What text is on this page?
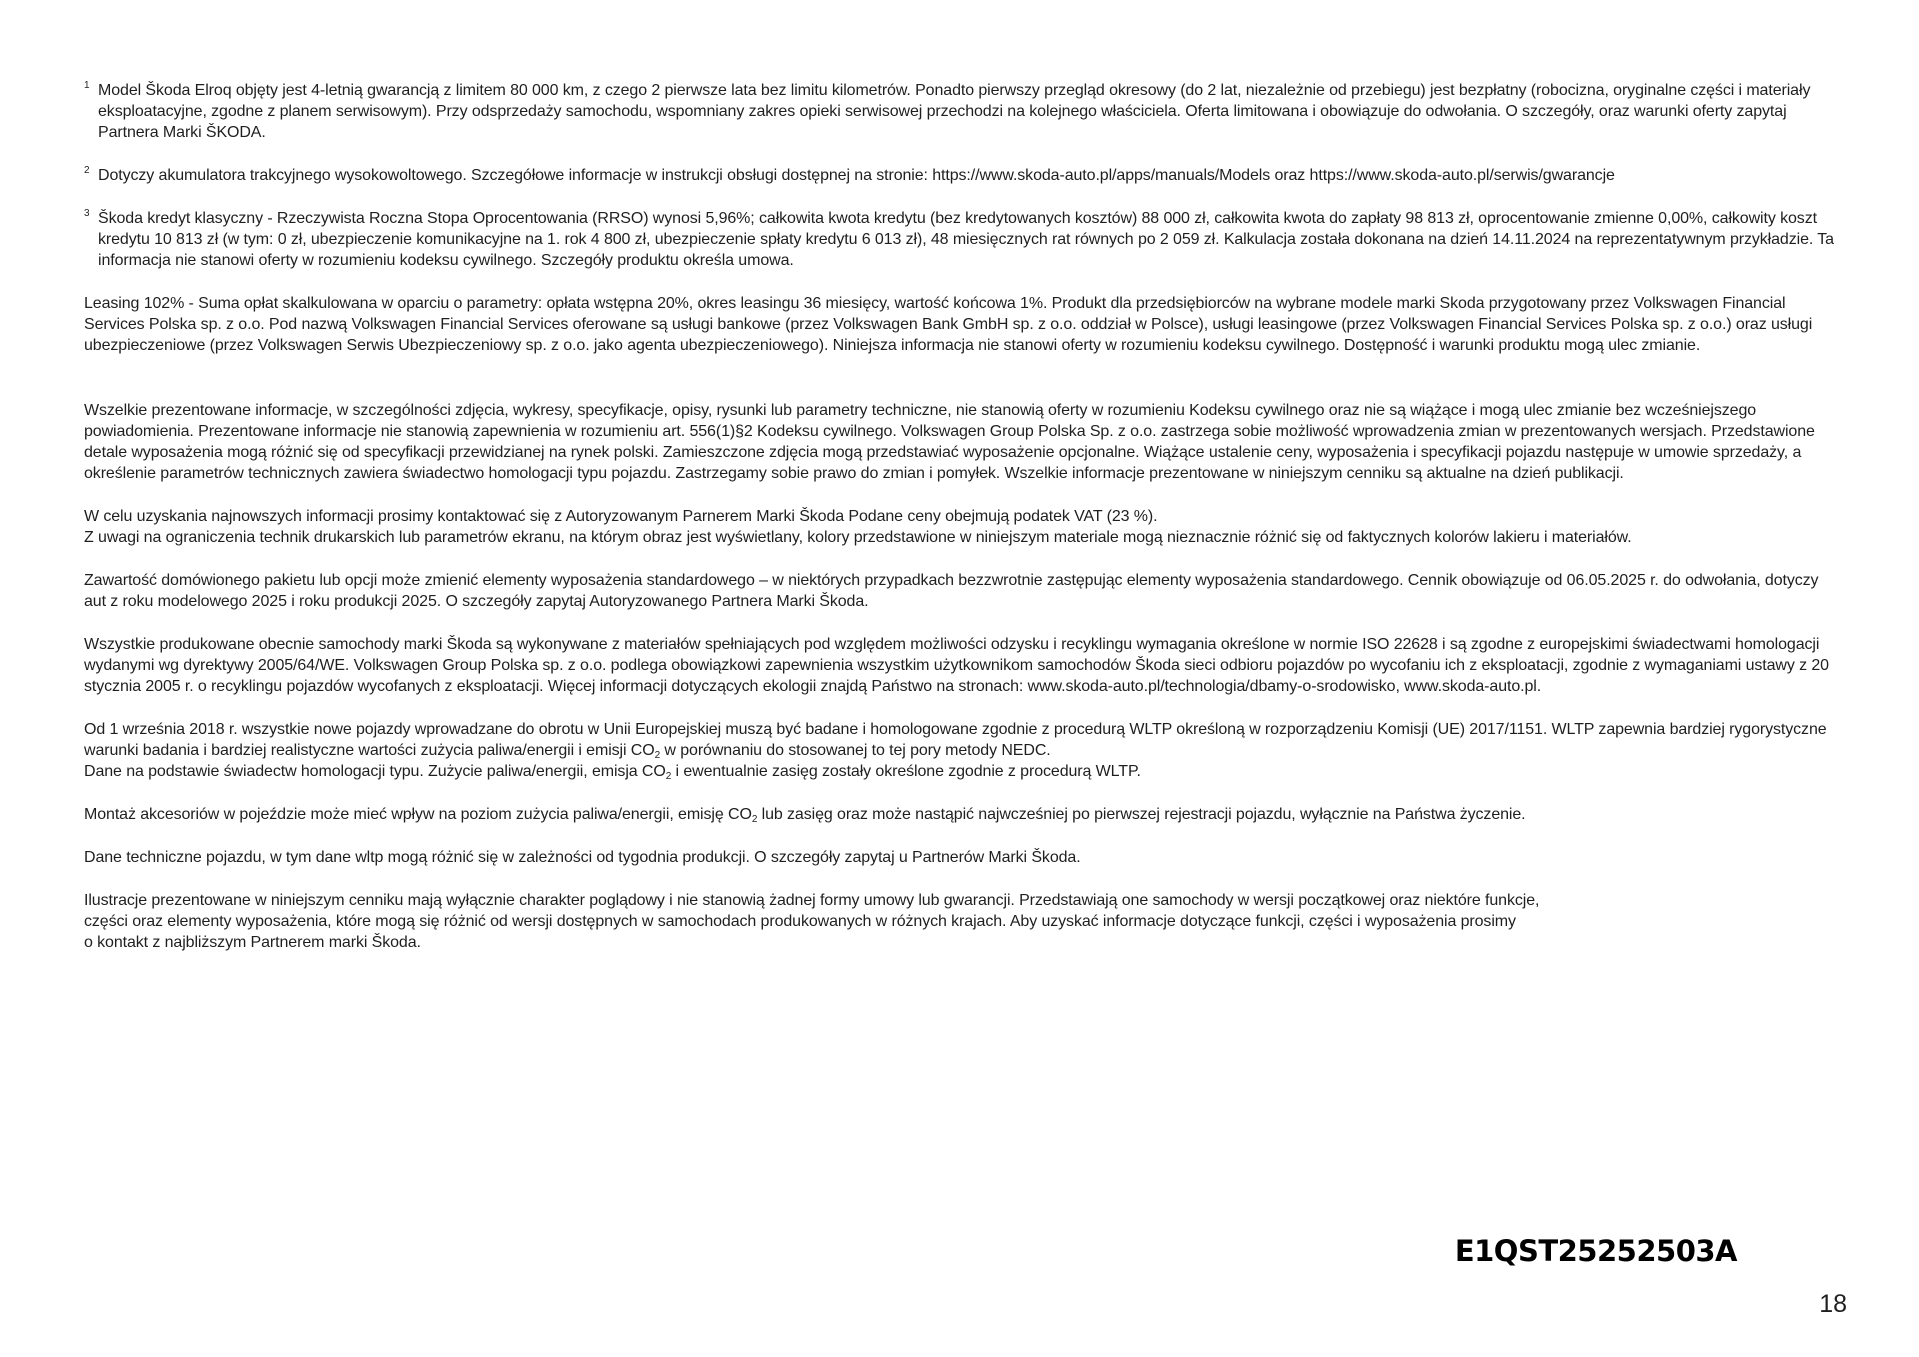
1 Model Škoda Elroq objęty jest 4-letnią gwarancją z limitem 80 000 km, z czego 2 pierwsze lata bez limitu kilometrów. Ponadto pierwszy przegląd okresowy (do 2 lat, niezależnie od przebiegu) jest bezpłatny (robocizna, oryginalne części i materiały eksploatacyjne, zgodne z planem serwisowym). Przy odsprzedaży samochodu, wspomniany zakres opieki serwisowej przechodzi na kolejnego właściciela. Oferta limitowana i obowiązuje do odwołania. O szczegóły, oraz warunki oferty zapytaj Partnera Marki ŠKODA.
2 Dotyczy akumulatora trakcyjnego wysokowoltowego. Szczegółowe informacje w instrukcji obsługi dostępnej na stronie: https://www.skoda-auto.pl/apps/manuals/Models oraz https://www.skoda-auto.pl/serwis/gwarancje
3 Škoda kredyt klasyczny - Rzeczywista Roczna Stopa Oprocentowania (RRSO) wynosi 5,96%; całkowita kwota kredytu (bez kredytowanych kosztów) 88 000 zł, całkowita kwota do zapłaty 98 813 zł, oprocentowanie zmienne 0,00%, całkowity koszt kredytu 10 813 zł (w tym: 0 zł, ubezpieczenie komunikacyjne na 1. rok 4 800 zł, ubezpieczenie spłaty kredytu 6 013 zł), 48 miesięcznych rat równych po 2 059 zł. Kalkulacja została dokonana na dzień 14.11.2024 na reprezentatywnym przykładzie. Ta informacja nie stanowi oferty w rozumieniu kodeksu cywilnego. Szczegóły produktu określa umowa.

Leasing 102% - Suma opłat skalkulowana w oparciu o parametry: opłata wstępna 20%, okres leasingu 36 miesięcy, wartość końcowa 1%. Produkt dla przedsiębiorców na wybrane modele marki Skoda przygotowany przez Volkswagen Financial Services Polska sp. z o.o. Pod nazwą Volkswagen Financial Services oferowane są usługi bankowe (przez Volkswagen Bank GmbH sp. z o.o. oddział w Polsce), usługi leasingowe (przez Volkswagen Financial Services Polska sp. z o.o.) oraz usługi ubezpieczeniowe (przez Volkswagen Serwis Ubezpieczeniowy sp. z o.o. jako agenta ubezpieczeniowego). Niniejsza informacja nie stanowi oferty w rozumieniu kodeksu cywilnego. Dostępność i warunki produktu mogą ulec zmianie.

Wszelkie prezentowane informacje, w szczególności zdjęcia, wykresy, specyfikacje, opisy, rysunki lub parametry techniczne, nie stanowią oferty w rozumieniu Kodeksu cywilnego oraz nie są wiążące i mogą ulec zmianie bez wcześniejszego powiadomienia. Prezentowane informacje nie stanowią zapewnienia w rozumieniu art. 556(1)§2 Kodeksu cywilnego. Volkswagen Group Polska Sp. z o.o. zastrzega sobie możliwość wprowadzenia zmian w prezentowanych wersjach. Przedstawione detale wyposażenia mogą różnić się od specyfikacji przewidzianej na rynek polski. Zamieszczone zdjęcia mogą przedstawiać wyposażenie opcjonalne. Wiążące ustalenie ceny, wyposażenia i specyfikacji pojazdu następuje w umowie sprzedaży, a określenie parametrów technicznych zawiera świadectwo homologacji typu pojazdu. Zastrzegamy sobie prawo do zmian i pomyłek. Wszelkie informacje prezentowane w niniejszym cenniku są aktualne na dzień publikacji.

W celu uzyskania najnowszych informacji prosimy kontaktować się z Autoryzowanym Parnerem Marki Škoda Podane ceny obejmują podatek VAT (23 %).
Z uwagi na ograniczenia technik drukarskich lub parametrów ekranu, na którym obraz jest wyświetlany, kolory przedstawione w niniejszym materiale mogą nieznacznie różnić się od faktycznych kolorów lakieru i materiałów.

Zawartość domówionego pakietu lub opcji może zmienić elementy wyposażenia standardowego – w niektórych przypadkach bezzwrotnie zastępując elementy wyposażenia standardowego. Cennik obowiązuje od 06.05.2025 r. do odwołania, dotyczy aut z roku modelowego 2025 i roku produkcji 2025. O szczegóły zapytaj Autoryzowanego Partnera Marki Škoda.

Wszystkie produkowane obecnie samochody marki Škoda są wykonywane z materiałów spełniających pod względem możliwości odzysku i recyklingu wymagania określone w normie ISO 22628 i są zgodne z europejskimi świadectwami homologacji wydanymi wg dyrektywy 2005/64/WE. Volkswagen Group Polska sp. z o.o. podlega obowiązkowi zapewnienia wszystkim użytkownikom samochodów Škoda sieci odbioru pojazdów po wycofaniu ich z eksploatacji, zgodnie z wymaganiami ustawy z 20 stycznia 2005 r. o recyklingu pojazdów wycofanych z eksploatacji. Więcej informacji dotyczących ekologii znajdą Państwo na stronach: www.skoda-auto.pl/technologia/dbamy-o-srodowisko, www.skoda-auto.pl.

Od 1 września 2018 r. wszystkie nowe pojazdy wprowadzane do obrotu w Unii Europejskiej muszą być badane i homologowane zgodnie z procedurą WLTP określoną w rozporządzeniu Komisji (UE) 2017/1151. WLTP zapewnia bardziej rygorystyczne warunki badania i bardziej realistyczne wartości zużycia paliwa/energii i emisji $CO_2$ w porównaniu do stosowanej to tej pory metody NEDC.
Dane na podstawie świadectw homologacji typu. Zużycie paliwa/energii, emisja $CO_2$ i ewentualnie zasięg zostały określone zgodnie z procedurą WLTP.

Montaż akcesoriów w pojeździe może mieć wpływ na poziom zużycia paliwa/energii, emisję $CO_2$ lub zasięg oraz może nastąpić najwcześniej po pierwszej rejestracji pojazdu, wyłącznie na Państwa życzenie.

Dane techniczne pojazdu, w tym dane wltp mogą różnić się w zależności od tygodnia produkcji. O szczegóły zapytaj u Partnerów Marki Škoda.

Ilustracje prezentowane w niniejszym cenniku mają wyłącznie charakter poglądowy i nie stanowią żadnej formy umowy lub gwarancji. Przedstawiają one samochody w wersji początkowej oraz niektóre funkcje,
części oraz elementy wyposażenia, które mogą się różnić od wersji dostępnych w samochodach produkowanych w różnych krajach. Aby uzyskać informacje dotyczące funkcji, części i wyposażenia prosimy
o kontakt z najbliższym Partnerem marki Škoda.

E1QST25252503A
18
